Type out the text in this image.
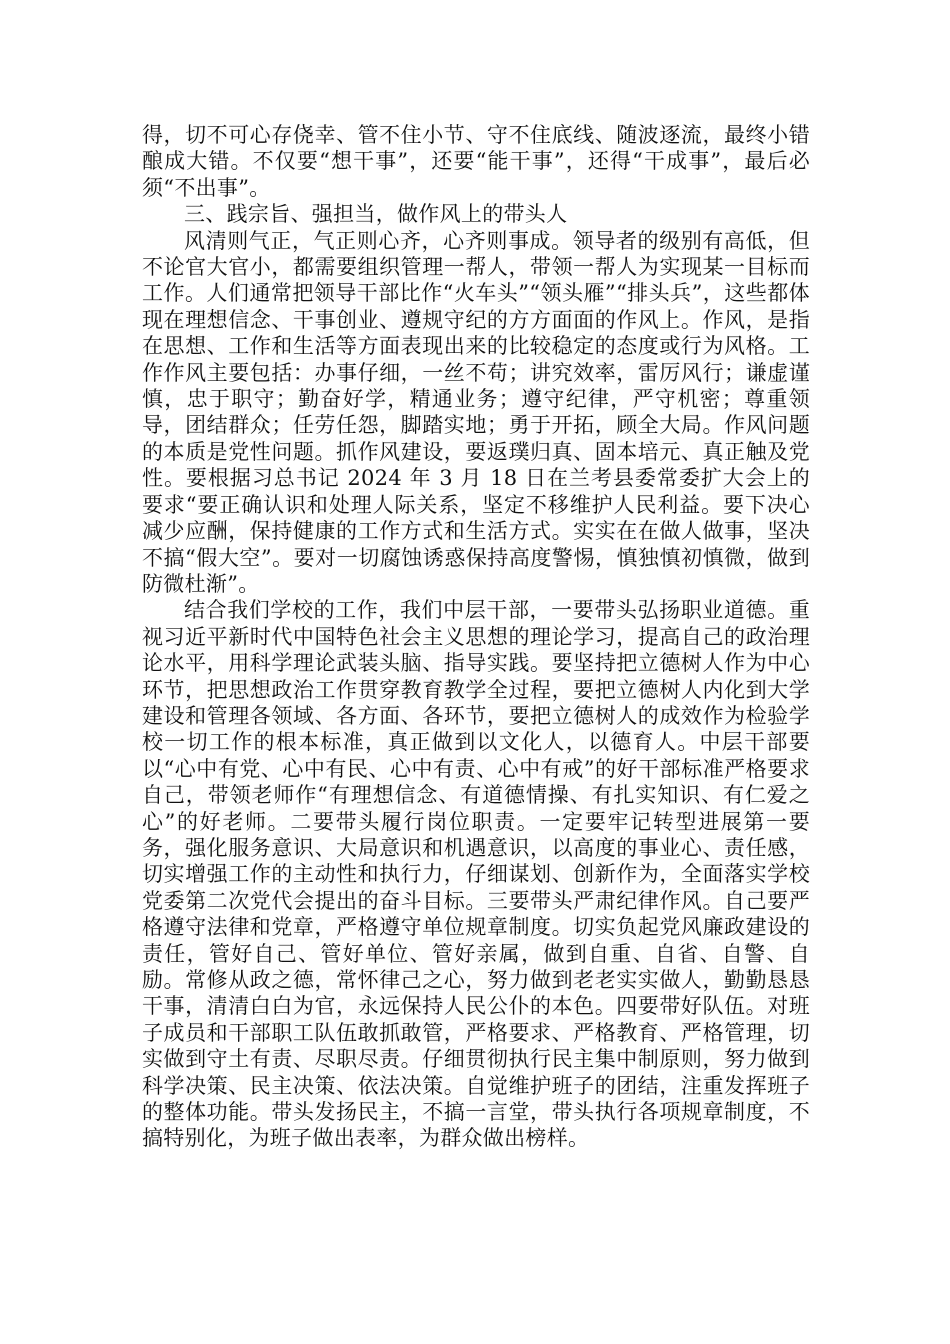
得，切不可心存侥幸、管不住小节、守不住底线、随波逐流，最终小错酿成大错。不仅要“想干事”，还要“能干事”，还得“干成事”，最后必须“不出事”。

三、践宗旨、强担当，做作风上的带头人

风清则气正，气正则心齐，心齐则事成。领导者的级别有高低，但不论官大官小，都需要组织管理一帮人，带领一帮人为实现某一目标而工作。人们通常把领导干部比作“火车头”“领头雁”“排头兵”，这些都体现在理想信念、干事创业、遵规守纪的方方面面的作风上。作风，是指在思想、工作和生活等方面表现出来的比较稳定的态度或行为风格。工作作风主要包括：办事仔细，一丝不苟；讲究效率，雷厉风行；谦虚谨慎，忠于职守；勤奋好学，精通业务；遵守纪律，严守机密；尊重领导，团结群众；任劳任怨，脚踏实地；勇于开拓，顾全大局。作风问题的本质是党性问题。抓作风建设，要返璞归真、固本培元、真正触及党性。要根据习总书记 2024 年 3 月 18 日在兰考县委常委扩大会上的要求“要正确认识和处理人际关系，坚定不移维护人民利益。要下决心减少应酬，保持健康的工作方式和生活方式。实实在在做人做事，坚决不搞“假大空”。要对一切腐蚀诱惑保持高度警惕，慎独慎初慎微，做到防微杜渐”。

结合我们学校的工作，我们中层干部，一要带头弘扬职业道德。重视习近平新时代中国特色社会主义思想的理论学习，提高自己的政治理论水平，用科学理论武装头脑、指导实践。要坚持把立德树人作为中心环节，把思想政治工作贯穿教育教学全过程，要把立德树人内化到大学建设和管理各领域、各方面、各环节，要把立德树人的成效作为检验学校一切工作的根本标准，真正做到以文化人，以德育人。中层干部要以“心中有党、心中有民、心中有责、心中有戒”的好干部标准严格要求自己，带领老师作“有理想信念、有道德情操、有扎实知识、有仁爱之心”的好老师。二要带头履行岗位职责。一定要牢记转型进展第一要务，强化服务意识、大局意识和机遇意识，以高度的事业心、责任感，切实增强工作的主动性和执行力，仔细谋划、创新作为，全面落实学校党委第二次党代会提出的奋斗目标。三要带头严肃纪律作风。自己要严格遵守法律和党章，严格遵守单位规章制度。切实负起党风廉政建设的责任，管好自己、管好单位、管好亲属，做到自重、自省、自警、自励。常修从政之德，常怀律己之心，努力做到老老实实做人，勤勤恳恳干事，清清白白为官，永远保持人民公仆的本色。四要带好队伍。对班子成员和干部职工队伍敢抓敢管，严格要求、严格教育、严格管理，切实做到守土有责、尽职尽责。仔细贯彻执行民主集中制原则，努力做到科学决策、民主决策、依法决策。自觉维护班子的团结，注重发挥班子的整体功能。带头发扬民主，不搞一言堂，带头执行各项规章制度，不搞特别化，为班子做出表率，为群众做出榜样。
